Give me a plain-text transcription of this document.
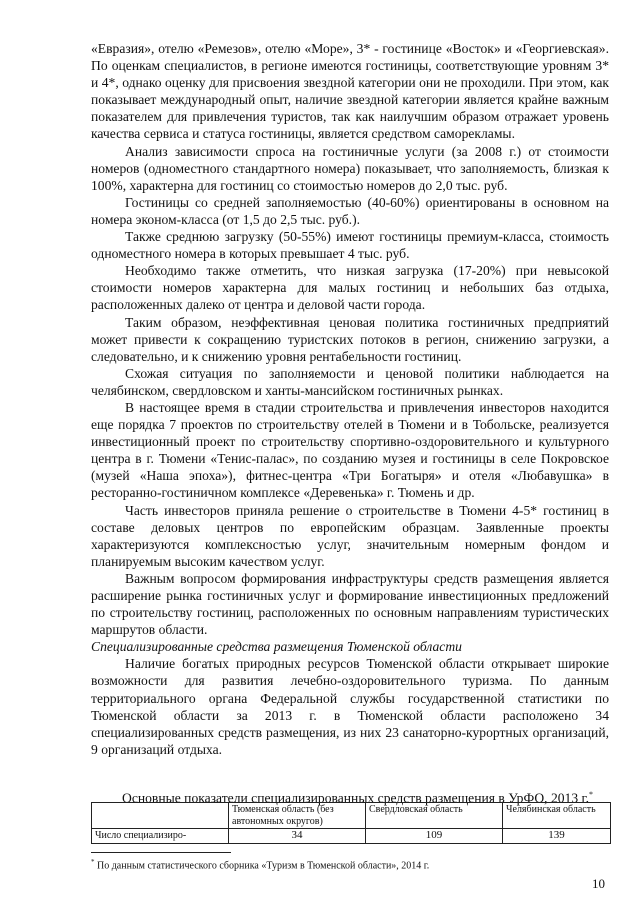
«Евразия», отелю «Ремезов», отелю «Море», 3* - гостинице «Восток» и «Георгиевская». По оценкам специалистов, в регионе имеются гостиницы, соответствующие уровням 3* и 4*, однако оценку для присвоения звездной категории они не проходили. При этом, как показывает международный опыт, наличие звездной категории является крайне важным показателем для привлечения туристов, так как наилучшим образом отражает уровень качества сервиса и статуса гостиницы, является средством саморекламы.

Анализ зависимости спроса на гостиничные услуги (за 2008 г.) от стоимости номеров (одноместного стандартного номера) показывает, что заполняемость, близкая к 100%, характерна для гостиниц со стоимостью номеров до 2,0 тыс. руб.

Гостиницы со средней заполняемостью (40-60%) ориентированы в основном на номера эконом-класса (от 1,5 до 2,5 тыс. руб.).

Также среднюю загрузку (50-55%) имеют гостиницы премиум-класса, стоимость одноместного номера в которых превышает 4 тыс. руб.

Необходимо также отметить, что низкая загрузка (17-20%) при невысокой стоимости номеров характерна для малых гостиниц и небольших баз отдыха, расположенных далеко от центра и деловой части города.

Таким образом, неэффективная ценовая политика гостиничных предприятий может привести к сокращению туристских потоков в регион, снижению загрузки, а следовательно, и к снижению уровня рентабельности гостиниц.

Схожая ситуация по заполняемости и ценовой политики наблюдается на челябинском, свердловском и ханты-мансийском гостиничных рынках.

В настоящее время в стадии строительства и привлечения инвесторов находится еще порядка 7 проектов по строительству отелей в Тюмени и в Тобольске, реализуется инвестиционный проект по строительству спортивно-оздоровительного и культурного центра в г. Тюмени «Тенис-палас», по созданию музея и гостиницы в селе Покровское (музей «Наша эпоха»), фитнес-центра «Три Богатыря» и отеля «Любавушка» в ресторанно-гостиничном комплексе «Деревенька» г. Тюмень и др.

Часть инвесторов приняла решение о строительстве в Тюмени 4-5* гостиниц в составе деловых центров по европейским образцам. Заявленные проекты характеризуются комплексностью услуг, значительным номерным фондом и планируемым высоким качеством услуг.

Важным вопросом формирования инфраструктуры средств размещения является расширение рынка гостиничных услуг и формирование инвестиционных предложений по строительству гостиниц, расположенных по основным направлениям туристических маршрутов области.

Специализированные средства размещения Тюменской области

Наличие богатых природных ресурсов Тюменской области открывает широкие возможности для развития лечебно-оздоровительного туризма. По данным территориального органа Федеральной службы государственной статистики по Тюменской области за 2013 г. в Тюменской области расположено 34 специализированных средств размещения, из них 23 санаторно-курортных организаций, 9 организаций отдыха.

Основные показатели специализированных средств размещения в УрФО, 2013 г.*
	Тюменская область (без автономных округов)	Свердловская область	Челябинская область
Число специализиро-	34	109	139
* По данным статистического сборника «Туризм в Тюменской области», 2014 г.
10
